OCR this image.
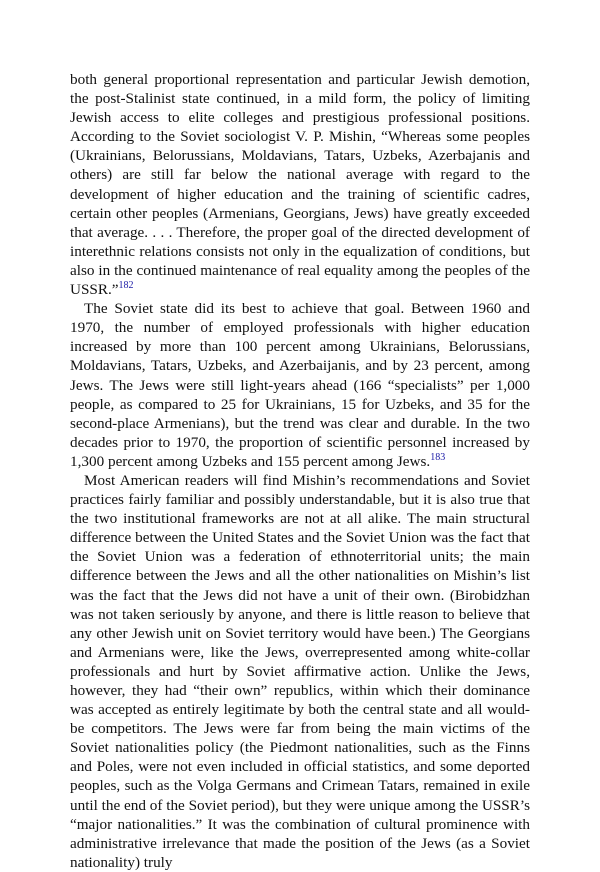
both general proportional representation and particular Jewish demotion, the post-Stalinist state continued, in a mild form, the policy of limiting Jewish access to elite colleges and prestigious professional positions. According to the Soviet sociologist V. P. Mishin, “Whereas some peoples (Ukrainians, Belorussians, Moldavians, Tatars, Uzbeks, Azerbajanis and others) are still far below the national average with regard to the development of higher education and the training of scientific cadres, certain other peoples (Armenians, Georgians, Jews) have greatly exceeded that average. . . . Therefore, the proper goal of the directed development of interethnic relations consists not only in the equalization of conditions, but also in the continued maintenance of real equality among the peoples of the USSR.”$^{182}$

The Soviet state did its best to achieve that goal. Between 1960 and 1970, the number of employed professionals with higher education increased by more than 100 percent among Ukrainians, Belorussians, Moldavians, Tatars, Uzbeks, and Azerbaijanis, and by 23 percent, among Jews. The Jews were still light-years ahead (166 “specialists” per 1,000 people, as compared to 25 for Ukrainians, 15 for Uzbeks, and 35 for the second-place Armenians), but the trend was clear and durable. In the two decades prior to 1970, the proportion of scientific personnel increased by 1,300 percent among Uzbeks and 155 percent among Jews.$^{183}$

Most American readers will find Mishin’s recommendations and Soviet practices fairly familiar and possibly understandable, but it is also true that the two institutional frameworks are not at all alike. The main structural difference between the United States and the Soviet Union was the fact that the Soviet Union was a federation of ethnoterritorial units; the main difference between the Jews and all the other nationalities on Mishin’s list was the fact that the Jews did not have a unit of their own. (Birobidzhan was not taken seriously by anyone, and there is little reason to believe that any other Jewish unit on Soviet territory would have been.) The Georgians and Armenians were, like the Jews, overrepresented among white-collar professionals and hurt by Soviet affirmative action. Unlike the Jews, however, they had “their own” republics, within which their dominance was accepted as entirely legitimate by both the central state and all would-be competitors. The Jews were far from being the main victims of the Soviet nationalities policy (the Piedmont nationalities, such as the Finns and Poles, were not even included in official statistics, and some deported peoples, such as the Volga Germans and Crimean Tatars, remained in exile until the end of the Soviet period), but they were unique among the USSR’s “major nationalities.” It was the combination of cultural prominence with administrative irrelevance that made the position of the Jews (as a Soviet nationality) truly
